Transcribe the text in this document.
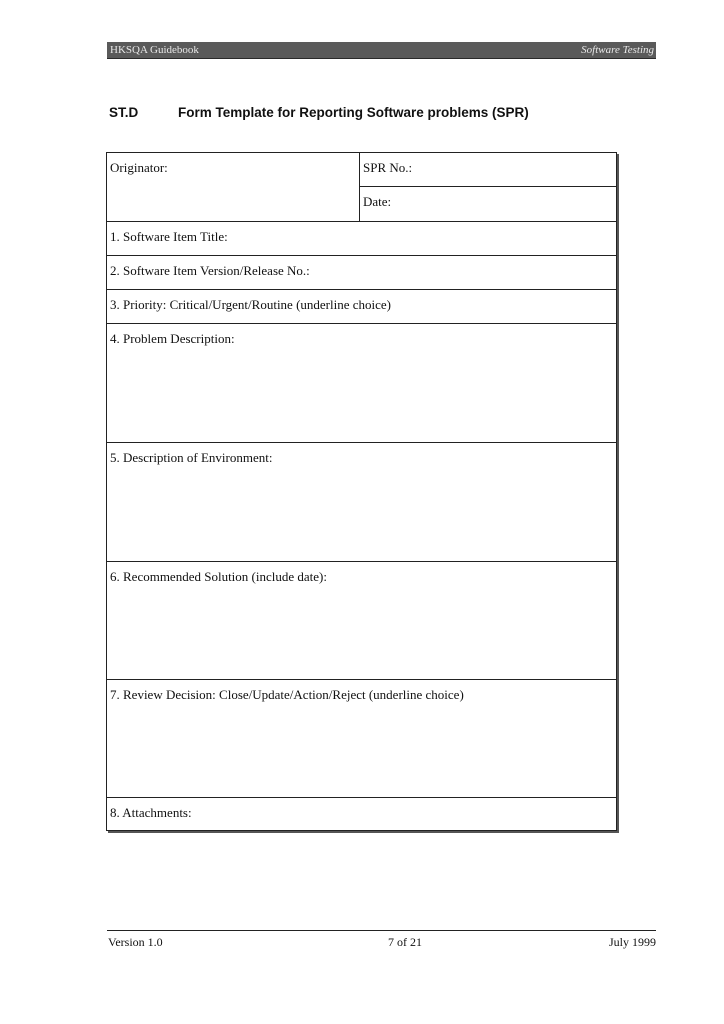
HKSQA Guidebook	Software Testing
ST.D	Form Template for Reporting Software problems (SPR)
Originator:	SPR No.:
Date:
1. Software Item Title:
2. Software Item Version/Release No.:
3. Priority: Critical/Urgent/Routine (underline choice)
4. Problem Description:
5. Description of Environment:
6. Recommended Solution (include date):
7. Review Decision: Close/Update/Action/Reject (underline choice)
8. Attachments:
Version 1.0	7 of 21	July 1999
